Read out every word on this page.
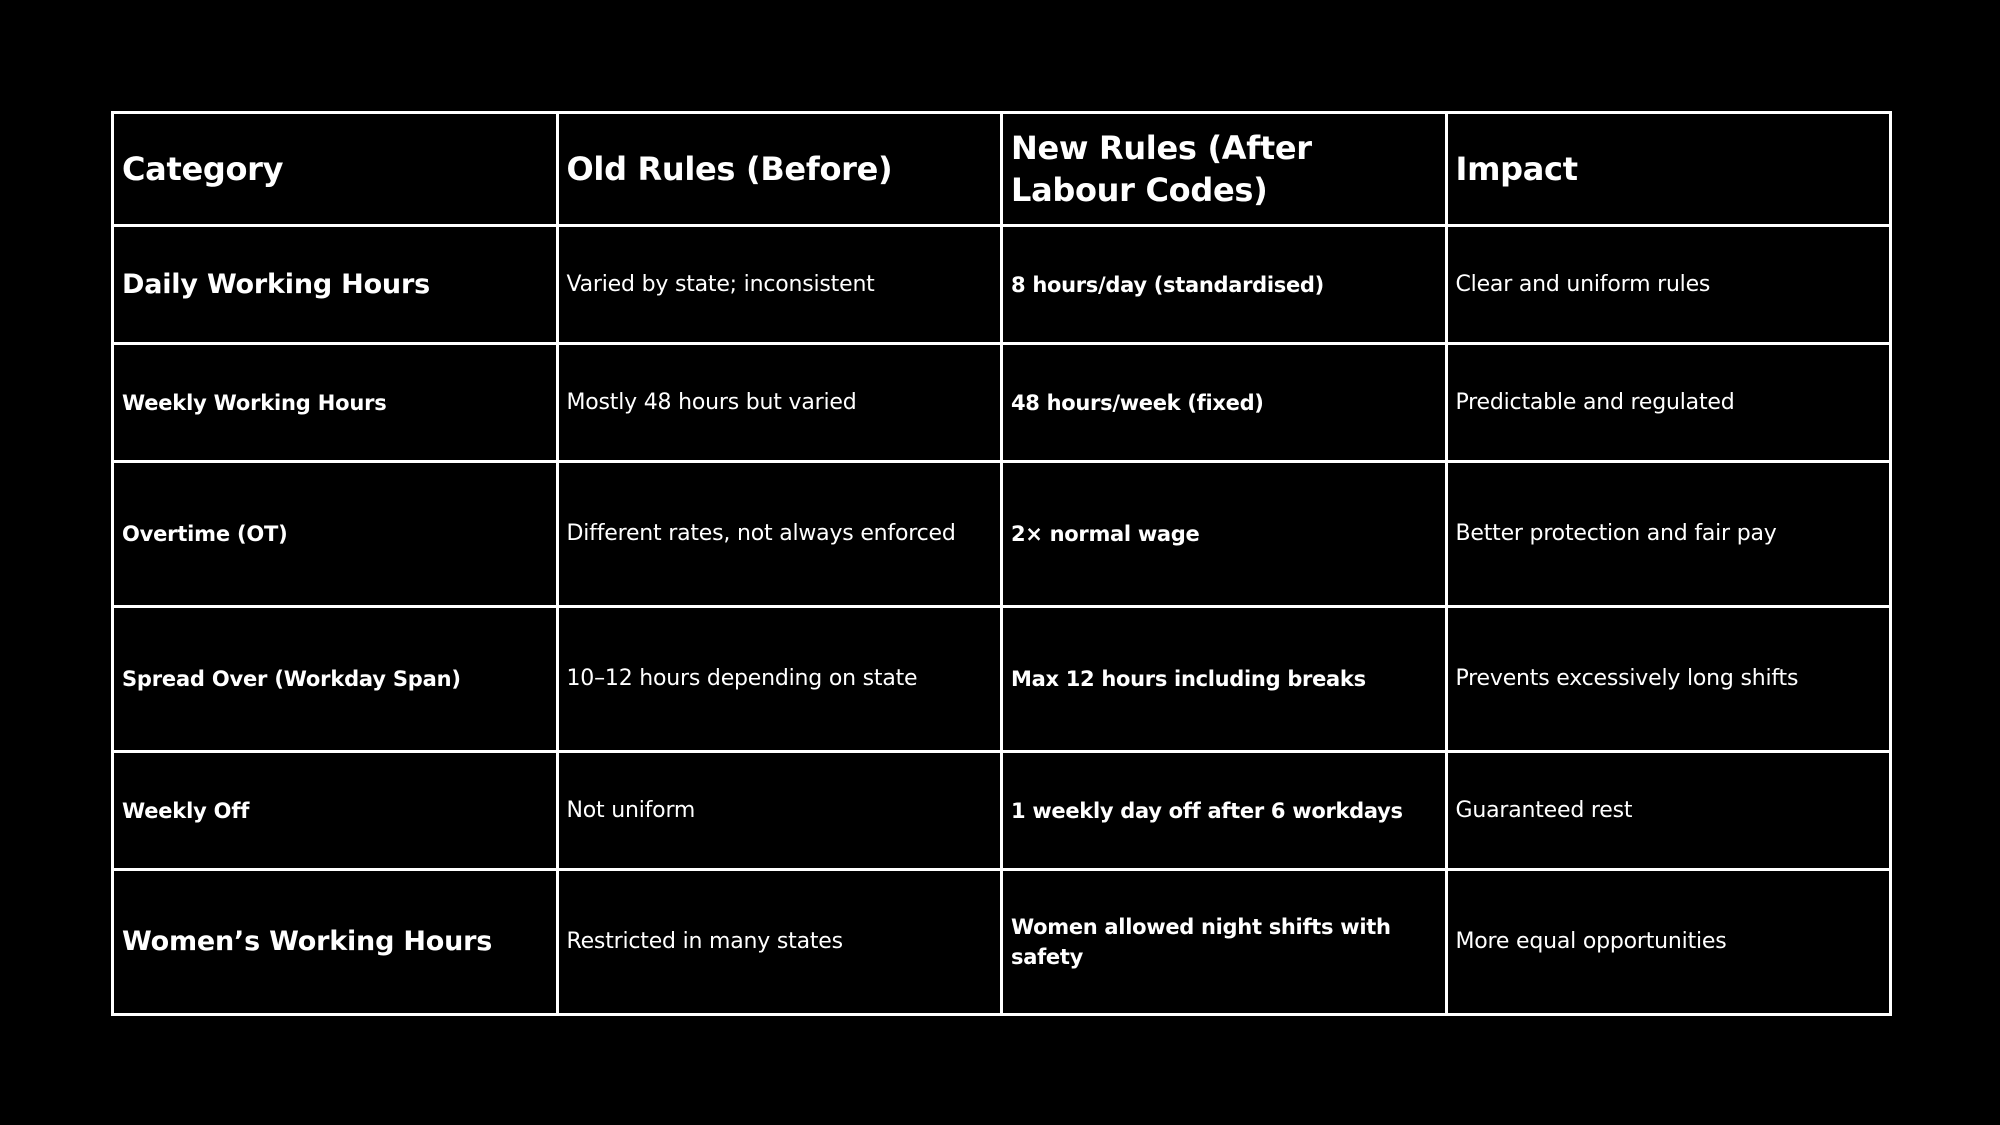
Category	Old Rules (Before)	New Rules (After Labour Codes)	Impact
Daily Working Hours	Varied by state; inconsistent	8 hours/day (standardised)	Clear and uniform rules
Weekly Working Hours	Mostly 48 hours but varied	48 hours/week (fixed)	Predictable and regulated
Overtime (OT)	Different rates, not always enforced	2× normal wage	Better protection and fair pay
Spread Over (Workday Span)	10–12 hours depending on state	Max 12 hours including breaks	Prevents excessively long shifts
Weekly Off	Not uniform	1 weekly day off after 6 workdays	Guaranteed rest
Women’s Working Hours	Restricted in many states	Women allowed night shifts with safety	More equal opportunities
